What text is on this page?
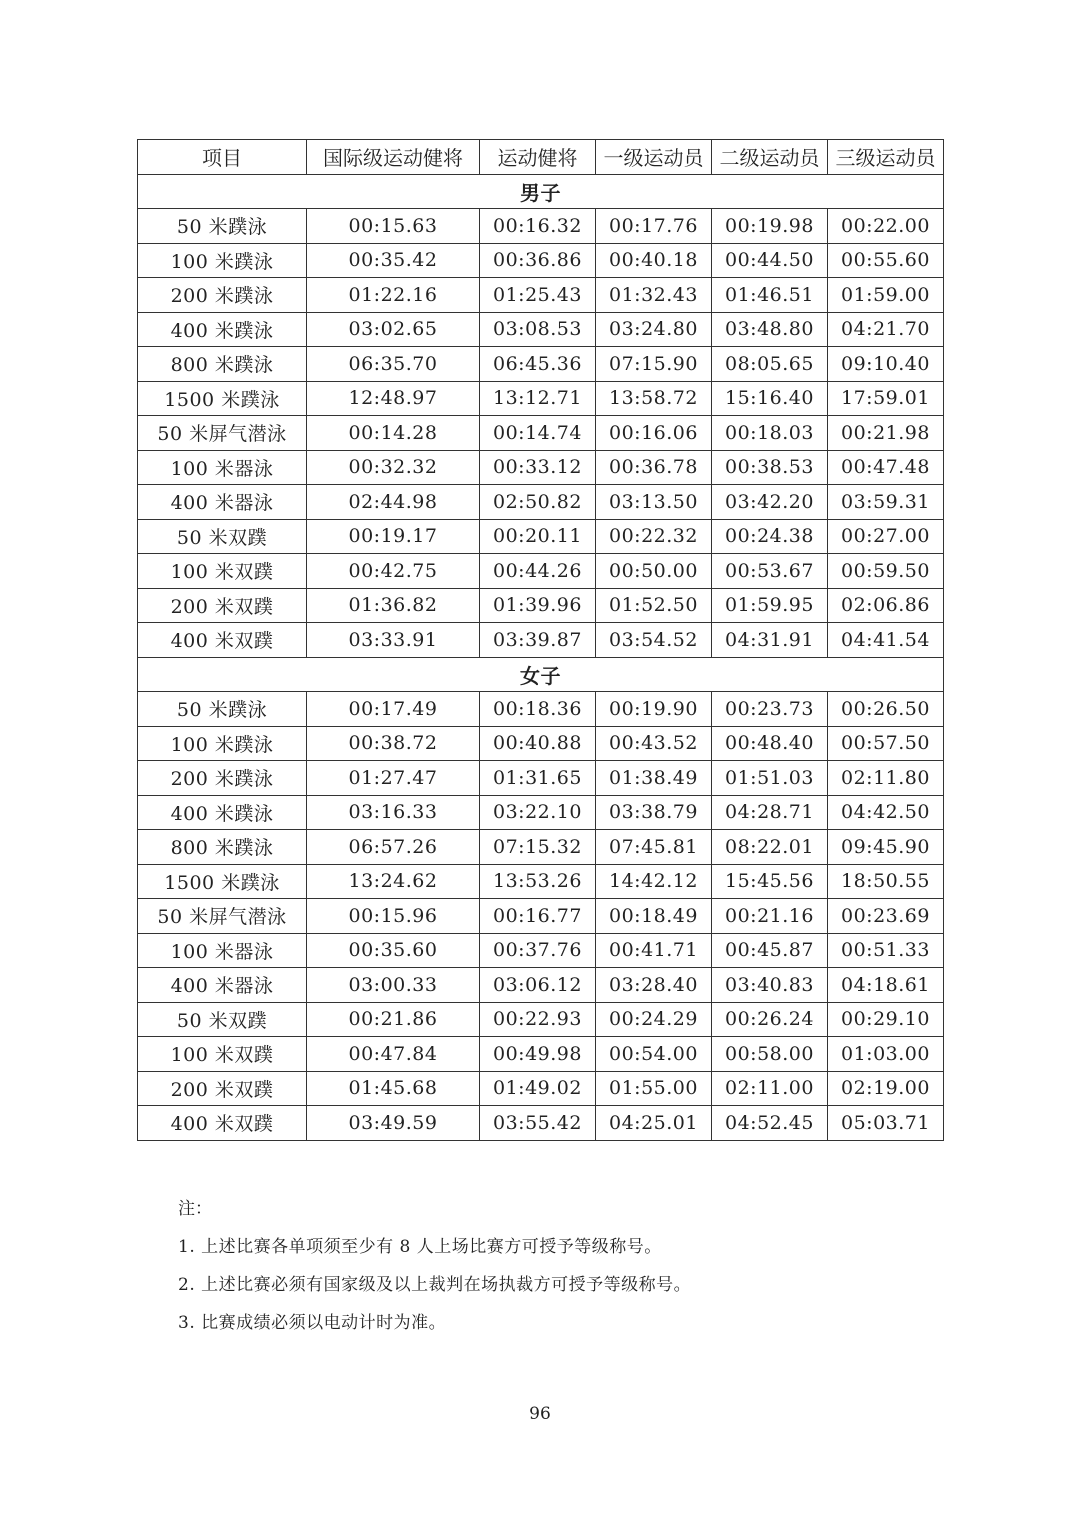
项目	国际级运动健将	运动健将	一级运动员	二级运动员	三级运动员
男子					
50 米蹼泳	00:15.63	00:16.32	00:17.76	00:19.98	00:22.00
100 米蹼泳	00:35.42	00:36.86	00:40.18	00:44.50	00:55.60
200 米蹼泳	01:22.16	01:25.43	01:32.43	01:46.51	01:59.00
400 米蹼泳	03:02.65	03:08.53	03:24.80	03:48.80	04:21.70
800 米蹼泳	06:35.70	06:45.36	07:15.90	08:05.65	09:10.40
1500 米蹼泳	12:48.97	13:12.71	13:58.72	15:16.40	17:59.01
50 米屏气潜泳	00:14.28	00:14.74	00:16.06	00:18.03	00:21.98
100 米器泳	00:32.32	00:33.12	00:36.78	00:38.53	00:47.48
400 米器泳	02:44.98	02:50.82	03:13.50	03:42.20	03:59.31
50 米双蹼	00:19.17	00:20.11	00:22.32	00:24.38	00:27.00
100 米双蹼	00:42.75	00:44.26	00:50.00	00:53.67	00:59.50
200 米双蹼	01:36.82	01:39.96	01:52.50	01:59.95	02:06.86
400 米双蹼	03:33.91	03:39.87	03:54.52	04:31.91	04:41.54
女子					
50 米蹼泳	00:17.49	00:18.36	00:19.90	00:23.73	00:26.50
100 米蹼泳	00:38.72	00:40.88	00:43.52	00:48.40	00:57.50
200 米蹼泳	01:27.47	01:31.65	01:38.49	01:51.03	02:11.80
400 米蹼泳	03:16.33	03:22.10	03:38.79	04:28.71	04:42.50
800 米蹼泳	06:57.26	07:15.32	07:45.81	08:22.01	09:45.90
1500 米蹼泳	13:24.62	13:53.26	14:42.12	15:45.56	18:50.55
50 米屏气潜泳	00:15.96	00:16.77	00:18.49	00:21.16	00:23.69
100 米器泳	00:35.60	00:37.76	00:41.71	00:45.87	00:51.33
400 米器泳	03:00.33	03:06.12	03:28.40	03:40.83	04:18.61
50 米双蹼	00:21.86	00:22.93	00:24.29	00:26.24	00:29.10
100 米双蹼	00:47.84	00:49.98	00:54.00	00:58.00	01:03.00
200 米双蹼	01:45.68	01:49.02	01:55.00	02:11.00	02:19.00
400 米双蹼	03:49.59	03:55.42	04:25.01	04:52.45	05:03.71
注：
1. 上述比赛各单项须至少有 8 人上场比赛方可授予等级称号。
2. 上述比赛必须有国家级及以上裁判在场执裁方可授予等级称号。
3. 比赛成绩必须以电动计时为准。
96
